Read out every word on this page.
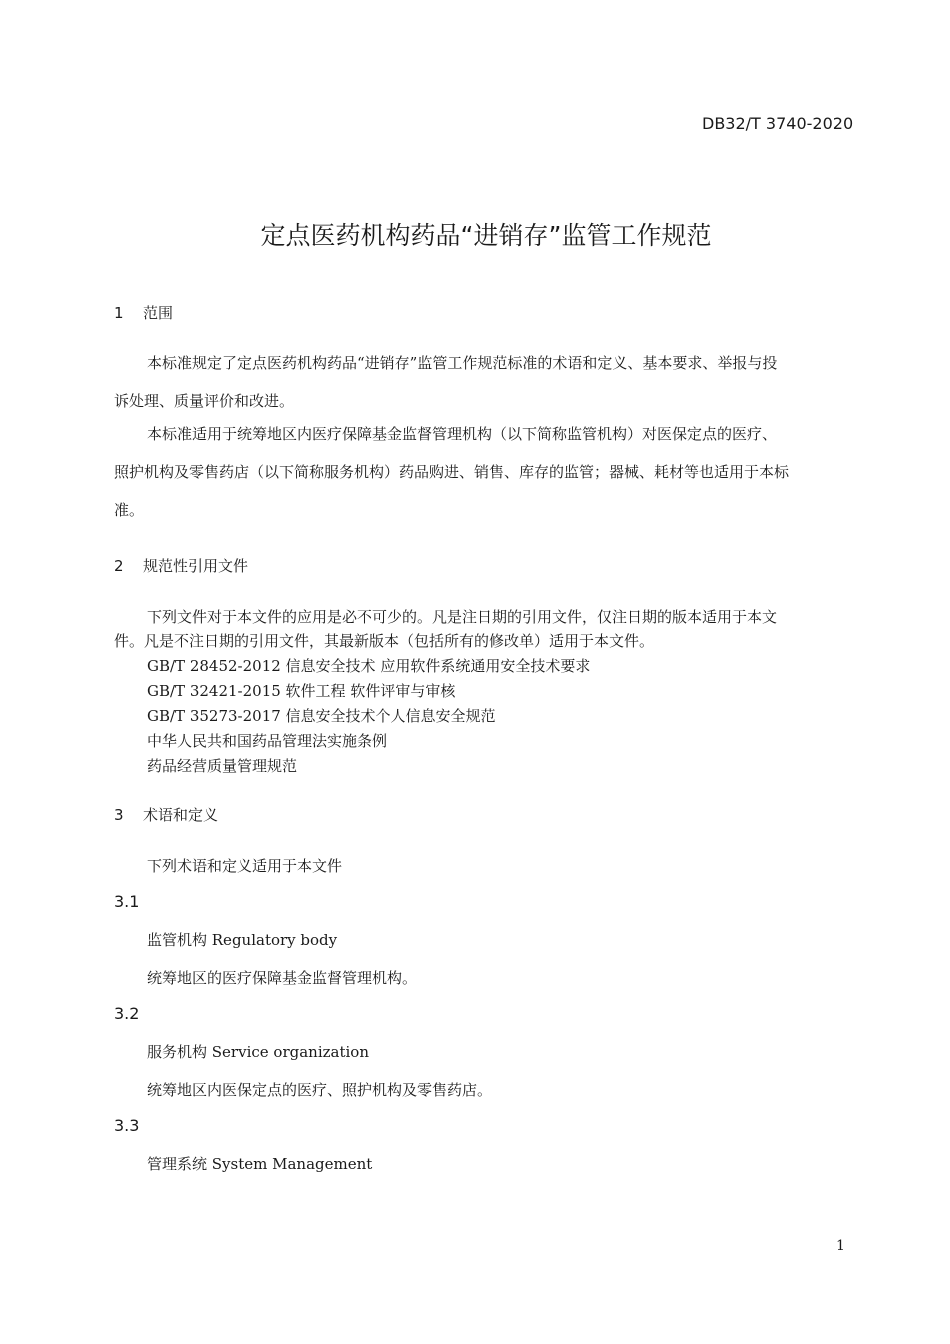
DB32/T 3740-2020
定点医药机构药品“进销存”监管工作规范
1 范围
本标准规定了定点医药机构药品“进销存”监管工作规范标准的术语和定义、基本要求、举报与投
诉处理、质量评价和改进。
本标准适用于统筹地区内医疗保障基金监督管理机构（以下简称监管机构）对医保定点的医疗、
照护机构及零售药店（以下简称服务机构）药品购进、销售、库存的监管；器械、耗材等也适用于本标
准。
2 规范性引用文件
下列文件对于本文件的应用是必不可少的。凡是注日期的引用文件，仅注日期的版本适用于本文
件。凡是不注日期的引用文件，其最新版本（包括所有的修改单）适用于本文件。
GB/T 28452-2012 信息安全技术 应用软件系统通用安全技术要求
GB/T 32421-2015 软件工程 软件评审与审核
GB/T 35273-2017 信息安全技术个人信息安全规范
中华人民共和国药品管理法实施条例
药品经营质量管理规范
3 术语和定义
下列术语和定义适用于本文件
3.1
监管机构 Regulatory body
统筹地区的医疗保障基金监督管理机构。
3.2
服务机构 Service organization
统筹地区内医保定点的医疗、照护机构及零售药店。
3.3
管理系统 System Management
1
